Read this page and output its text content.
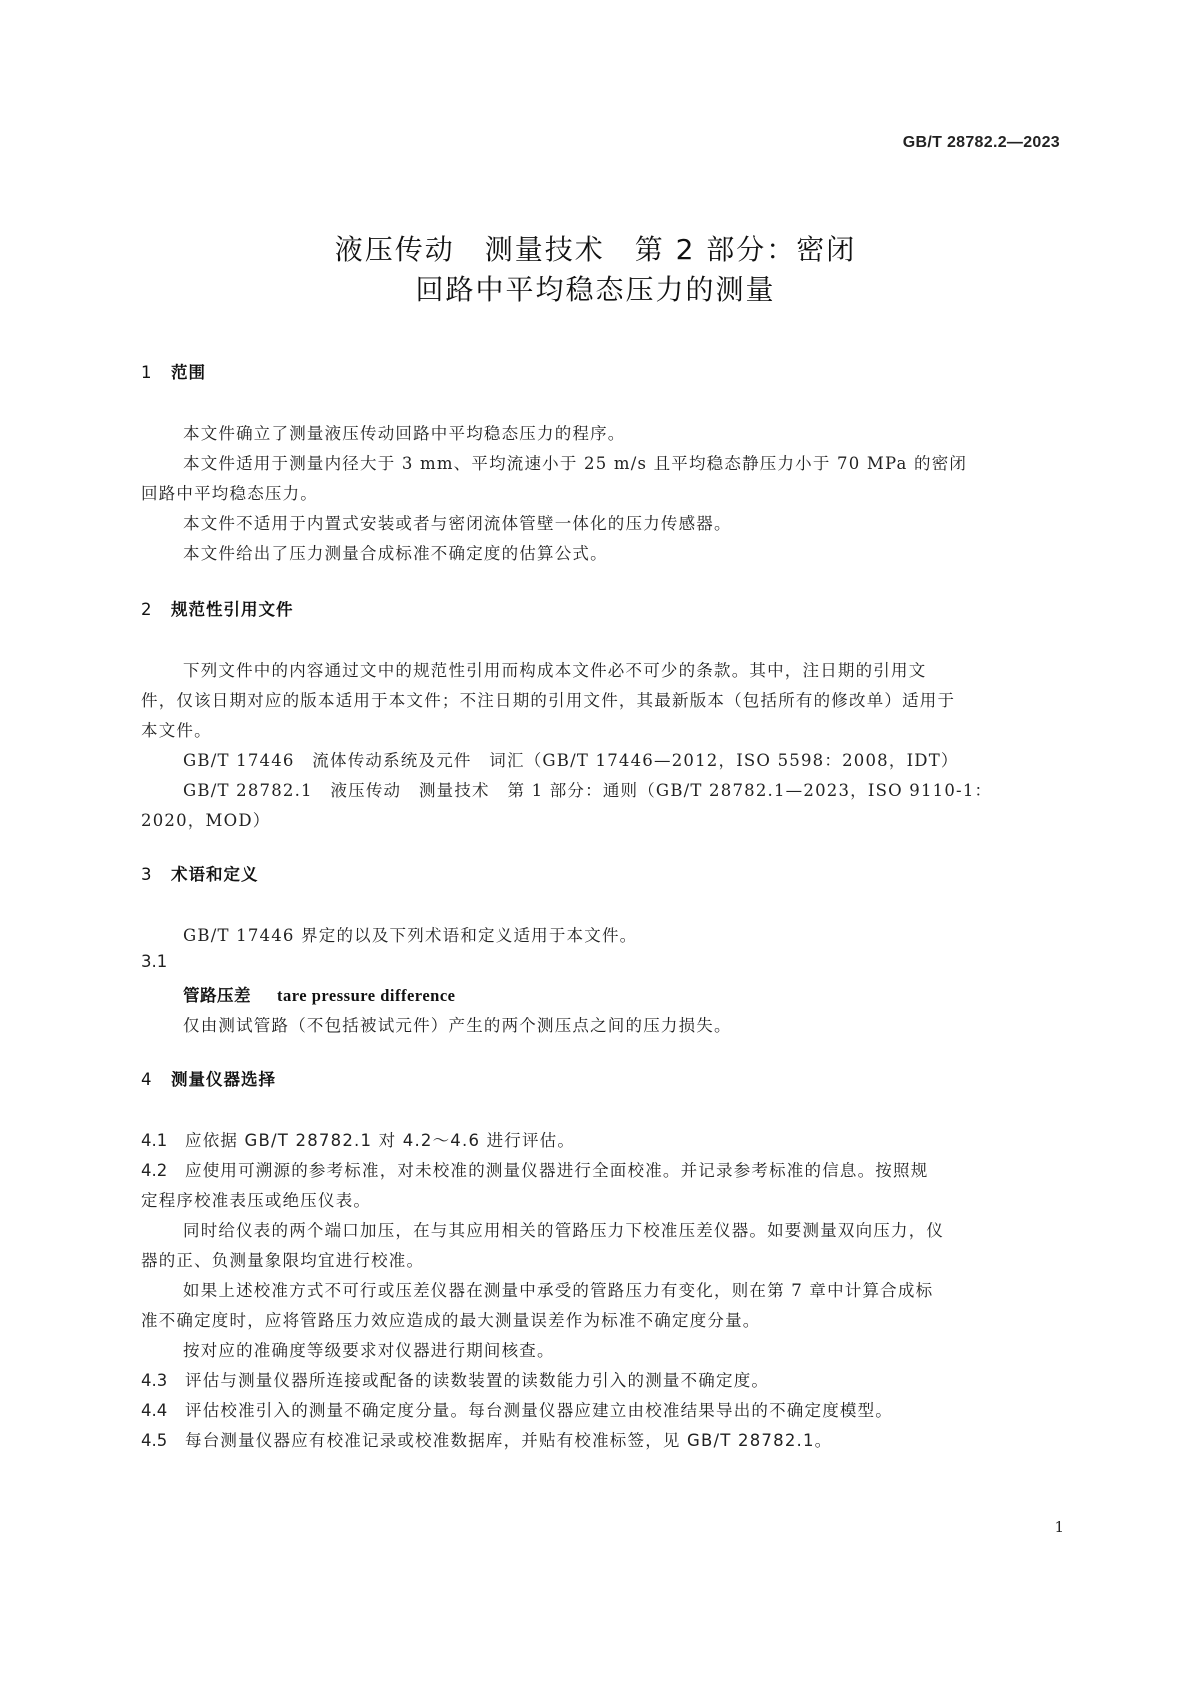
GB/T 28782.2—2023
液压传动　测量技术　第 2 部分：密闭
回路中平均稳态压力的测量
1 范围
本文件确立了测量液压传动回路中平均稳态压力的程序。
本文件适用于测量内径大于 3 mm、平均流速小于 25 m/s 且平均稳态静压力小于 70 MPa 的密闭
回路中平均稳态压力。
本文件不适用于内置式安装或者与密闭流体管壁一体化的压力传感器。
本文件给出了压力测量合成标准不确定度的估算公式。
2 规范性引用文件
下列文件中的内容通过文中的规范性引用而构成本文件必不可少的条款。其中，注日期的引用文
件，仅该日期对应的版本适用于本文件；不注日期的引用文件，其最新版本（包括所有的修改单）适用于
本文件。
GB/T 17446　流体传动系统及元件　词汇（GB/T 17446—2012，ISO 5598：2008，IDT）
GB/T 28782.1　液压传动　测量技术　第 1 部分：通则（GB/T 28782.1—2023，ISO 9110-1：
2020，MOD）
3 术语和定义
GB/T 17446 界定的以及下列术语和定义适用于本文件。
3.1
管路压差 tare pressure difference
仅由测试管路（不包括被试元件）产生的两个测压点之间的压力损失。
4 测量仪器选择
4.1 应依据 GB/T 28782.1 对 4.2～4.6 进行评估。
4.2 应使用可溯源的参考标准，对未校准的测量仪器进行全面校准。并记录参考标准的信息。按照规
定程序校准表压或绝压仪表。
同时给仪表的两个端口加压，在与其应用相关的管路压力下校准压差仪器。如要测量双向压力，仪
器的正、负测量象限均宜进行校准。
如果上述校准方式不可行或压差仪器在测量中承受的管路压力有变化，则在第 7 章中计算合成标
准不确定度时，应将管路压力效应造成的最大测量误差作为标准不确定度分量。
按对应的准确度等级要求对仪器进行期间核查。
4.3 评估与测量仪器所连接或配备的读数装置的读数能力引入的测量不确定度。
4.4 评估校准引入的测量不确定度分量。每台测量仪器应建立由校准结果导出的不确定度模型。
4.5 每台测量仪器应有校准记录或校准数据库，并贴有校准标签，见 GB/T 28782.1。
1
